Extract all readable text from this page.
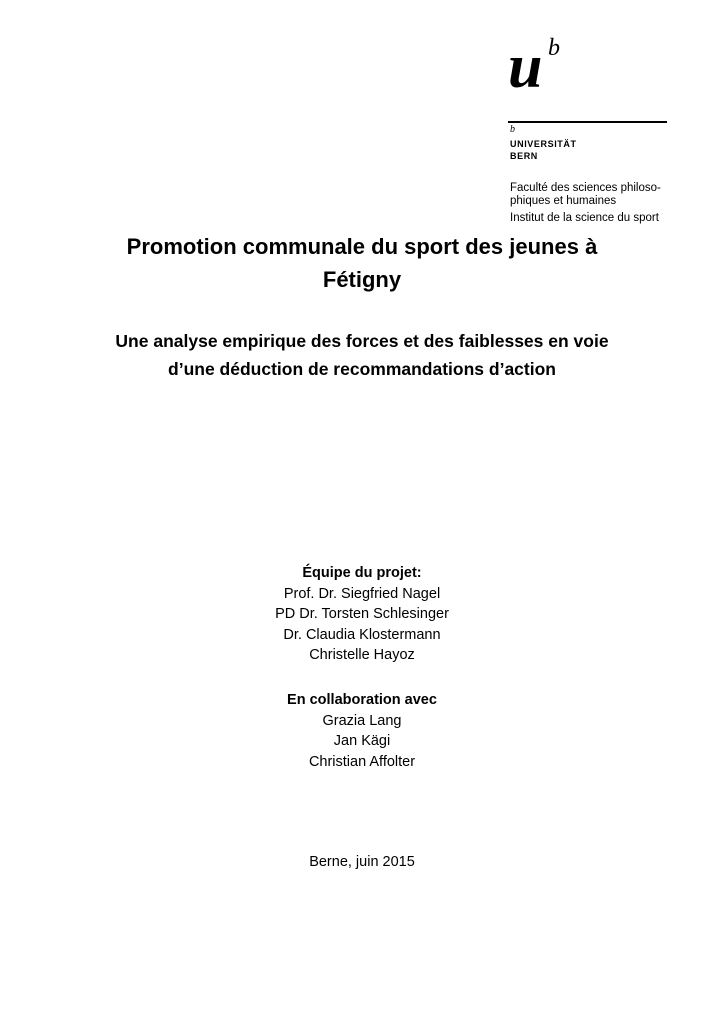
u b
b
UNIVERSITÄT
BERN
Faculté des sciences philoso-
phiques et humaines
Institut de la science du sport
Promotion communale du sport des jeunes à
Fétigny
Une analyse empirique des forces et des faiblesses en voie
d’une déduction de recommandations d’action
Équipe du projet:
Prof. Dr. Siegfried Nagel
PD Dr. Torsten Schlesinger
Dr. Claudia Klostermann
Christelle Hayoz
En collaboration avec
Grazia Lang
Jan Kägi
Christian Affolter
Berne, juin 2015
